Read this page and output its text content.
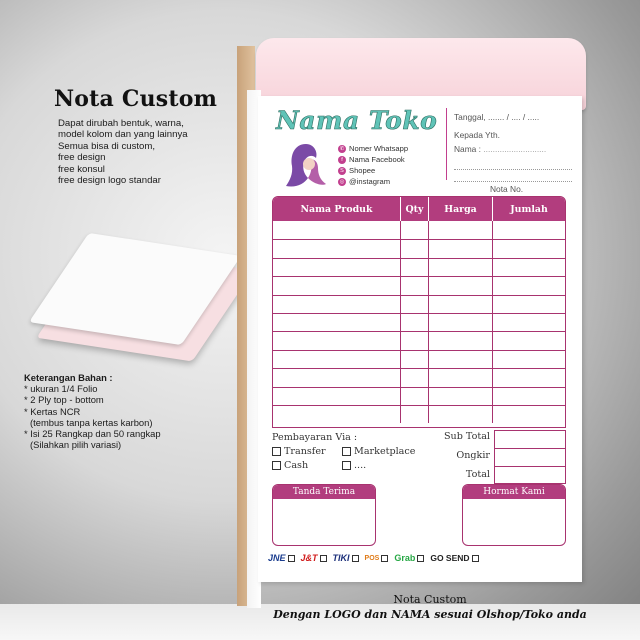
Nota Custom
Dapat dirubah bentuk, warna,
model kolom dan yang lainnya
Semua bisa di custom,
free design
free konsul
free design logo standar
Keterangan Bahan :
* ukuran 1/4 Folio
* 2 Ply top - bottom
* Kertas NCR
(tembus tanpa kertas karbon)
* Isi 25 Rangkap dan 50 rangkap
(Silahkan pilih variasi)
Nama Toko
✆ Nomer Whatsapp
f Nama Facebook
S Shopee
◎ @instagram
Tanggal, ....... / .... / .....
Kepada Yth.
Nama : ...........................
Nota No.
Nama Produk	Qty	Harga	Jumlah
Pembayaran Via :
Transfer	Marketplace
Cash	....
Sub Total
Ongkir
Total
Tanda Terima	Hormat Kami
JNE J&T TIKI POS Grab GO SEND
Nota Custom
Dengan LOGO dan NAMA sesuai Olshop/Toko anda
